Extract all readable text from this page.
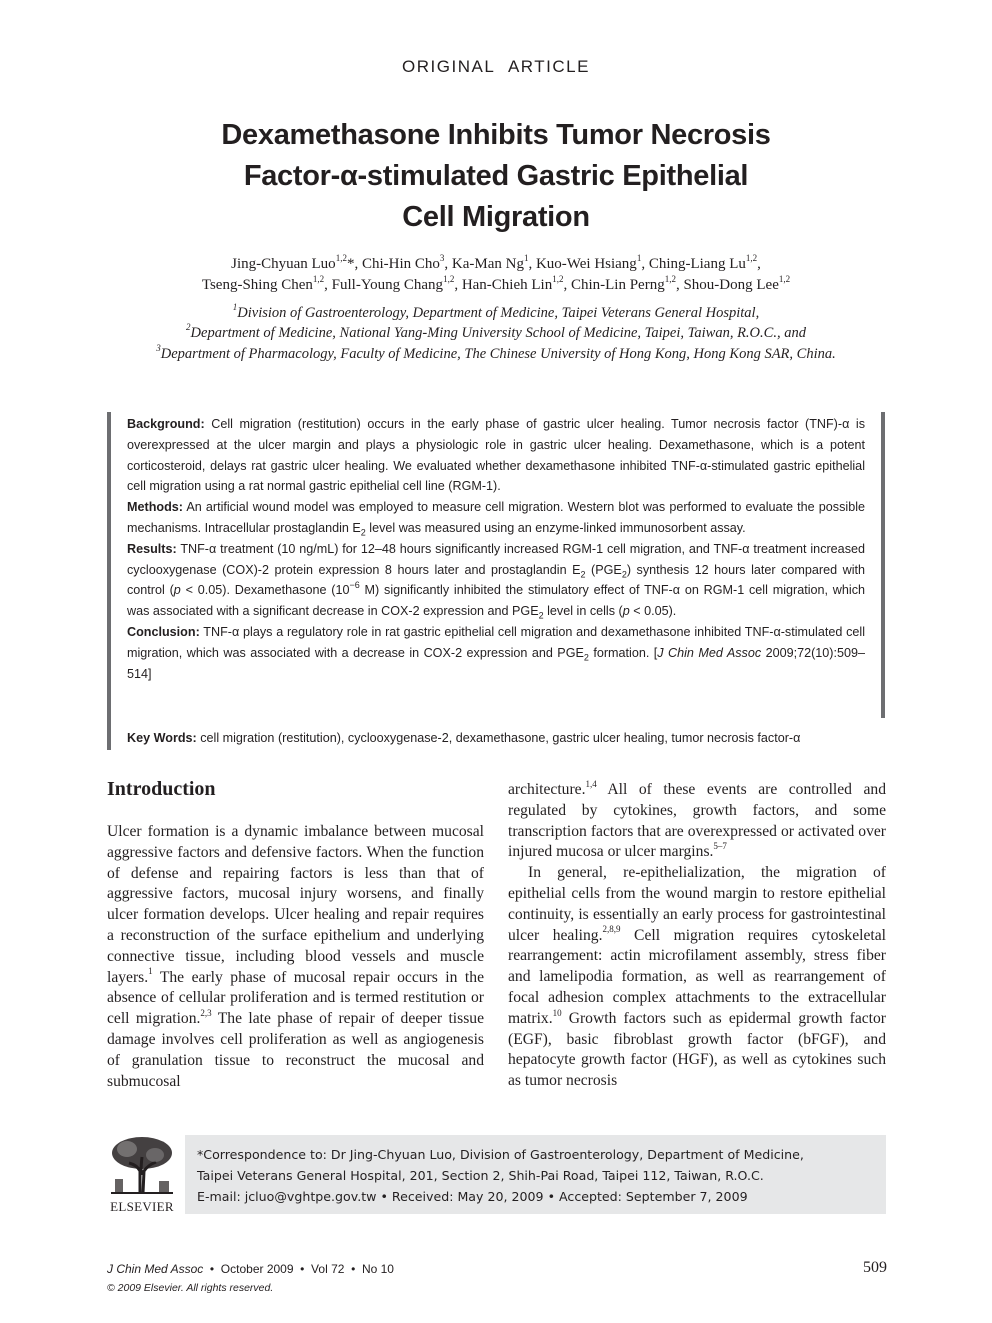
ORIGINAL ARTICLE
Dexamethasone Inhibits Tumor Necrosis
Factor-α-stimulated Gastric Epithelial
Cell Migration
Jing-Chyuan Luo$^{1,2}$*, Chi-Hin Cho$^3$, Ka-Man Ng$^1$, Kuo-Wei Hsiang$^1$, Ching-Liang Lu$^{1,2}$,
Tseng-Shing Chen$^{1,2}$, Full-Young Chang$^{1,2}$, Han-Chieh Lin$^{1,2}$, Chin-Lin Perng$^{1,2}$, Shou-Dong Lee$^{1,2}$
$^1$Division of Gastroenterology, Department of Medicine, Taipei Veterans General Hospital,
$^2$Department of Medicine, National Yang-Ming University School of Medicine, Taipei, Taiwan, R.O.C., and
$^3$Department of Pharmacology, Faculty of Medicine, The Chinese University of Hong Kong, Hong Kong SAR, China.

Background: Cell migration (restitution) occurs in the early phase of gastric ulcer healing. Tumor necrosis factor (TNF)-α is overexpressed at the ulcer margin and plays a physiologic role in gastric ulcer healing. Dexamethasone, which is a potent corticosteroid, delays rat gastric ulcer healing. We evaluated whether dexamethasone inhibited TNF-α-stimulated gastric epithelial cell migration using a rat normal gastric epithelial cell line (RGM-1).

Methods: An artificial wound model was employed to measure cell migration. Western blot was performed to evaluate the possible mechanisms. Intracellular prostaglandin $E_2$ level was measured using an enzyme-linked immunosorbent assay.

Results: TNF-α treatment (10 ng/mL) for 12–48 hours significantly increased RGM-1 cell migration, and TNF-α treatment increased cyclooxygenase (COX)-2 protein expression 8 hours later and prostaglandin $E_2$ $(PGE_2)$ synthesis 12 hours later compared with control (p < 0.05). Dexamethasone ($10^{-6}$ M) significantly inhibited the stimulatory effect of TNF-α on RGM-1 cell migration, which was associated with a significant decrease in COX-2 expression and $PGE_2$ level in cells (p < 0.05).

Conclusion: TNF-α plays a regulatory role in rat gastric epithelial cell migration and dexamethasone inhibited TNF-α-stimulated cell migration, which was associated with a decrease in COX-2 expression and $PGE_2$ formation. [J Chin Med Assoc 2009;72(10):509–514]

Key Words: cell migration (restitution), cyclooxygenase-2, dexamethasone, gastric ulcer healing, tumor necrosis factor-α
Introduction

Ulcer formation is a dynamic imbalance between mucosal aggressive factors and defensive factors. When the function of defense and repairing factors is less than that of aggressive factors, mucosal injury worsens, and finally ulcer formation develops. Ulcer healing and repair requires a reconstruction of the surface epithelium and underlying connective tissue, including blood vessels and muscle layers.$^1$ The early phase of mucosal repair occurs in the absence of cellular proliferation and is termed restitution or cell migration.$^{2,3}$ The late phase of repair of deeper tissue damage involves cell proliferation as well as angiogenesis of granulation tissue to reconstruct the mucosal and submucosal

architecture.$^{1,4}$ All of these events are controlled and regulated by cytokines, growth factors, and some transcription factors that are overexpressed or activated over injured mucosa or ulcer margins.$^{5-7}$

In general, re-epithelialization, the migration of epithelial cells from the wound margin to restore epithelial continuity, is essentially an early process for gastrointestinal ulcer healing.$^{2,8,9}$ Cell migration requires cytoskeletal rearrangement: actin microfilament assembly, stress fiber and lamelipodia formation, as well as rearrangement of focal adhesion complex attachments to the extracellular matrix.$^{10}$ Growth factors such as epidermal growth factor (EGF), basic fibroblast growth factor (bFGF), and hepatocyte growth factor (HGF), as well as cytokines such as tumor necrosis

ELSEVIER
*Correspondence to: Dr Jing-Chyuan Luo, Division of Gastroenterology, Department of Medicine,
Taipei Veterans General Hospital, 201, Section 2, Shih-Pai Road, Taipei 112, Taiwan, R.O.C.
E-mail: jcluo@vghtpe.gov.tw • Received: May 20, 2009 • Accepted: September 7, 2009
J Chin Med Assoc  •  October 2009  •  Vol 72  •  No 10
© 2009 Elsevier. All rights reserved.
509
